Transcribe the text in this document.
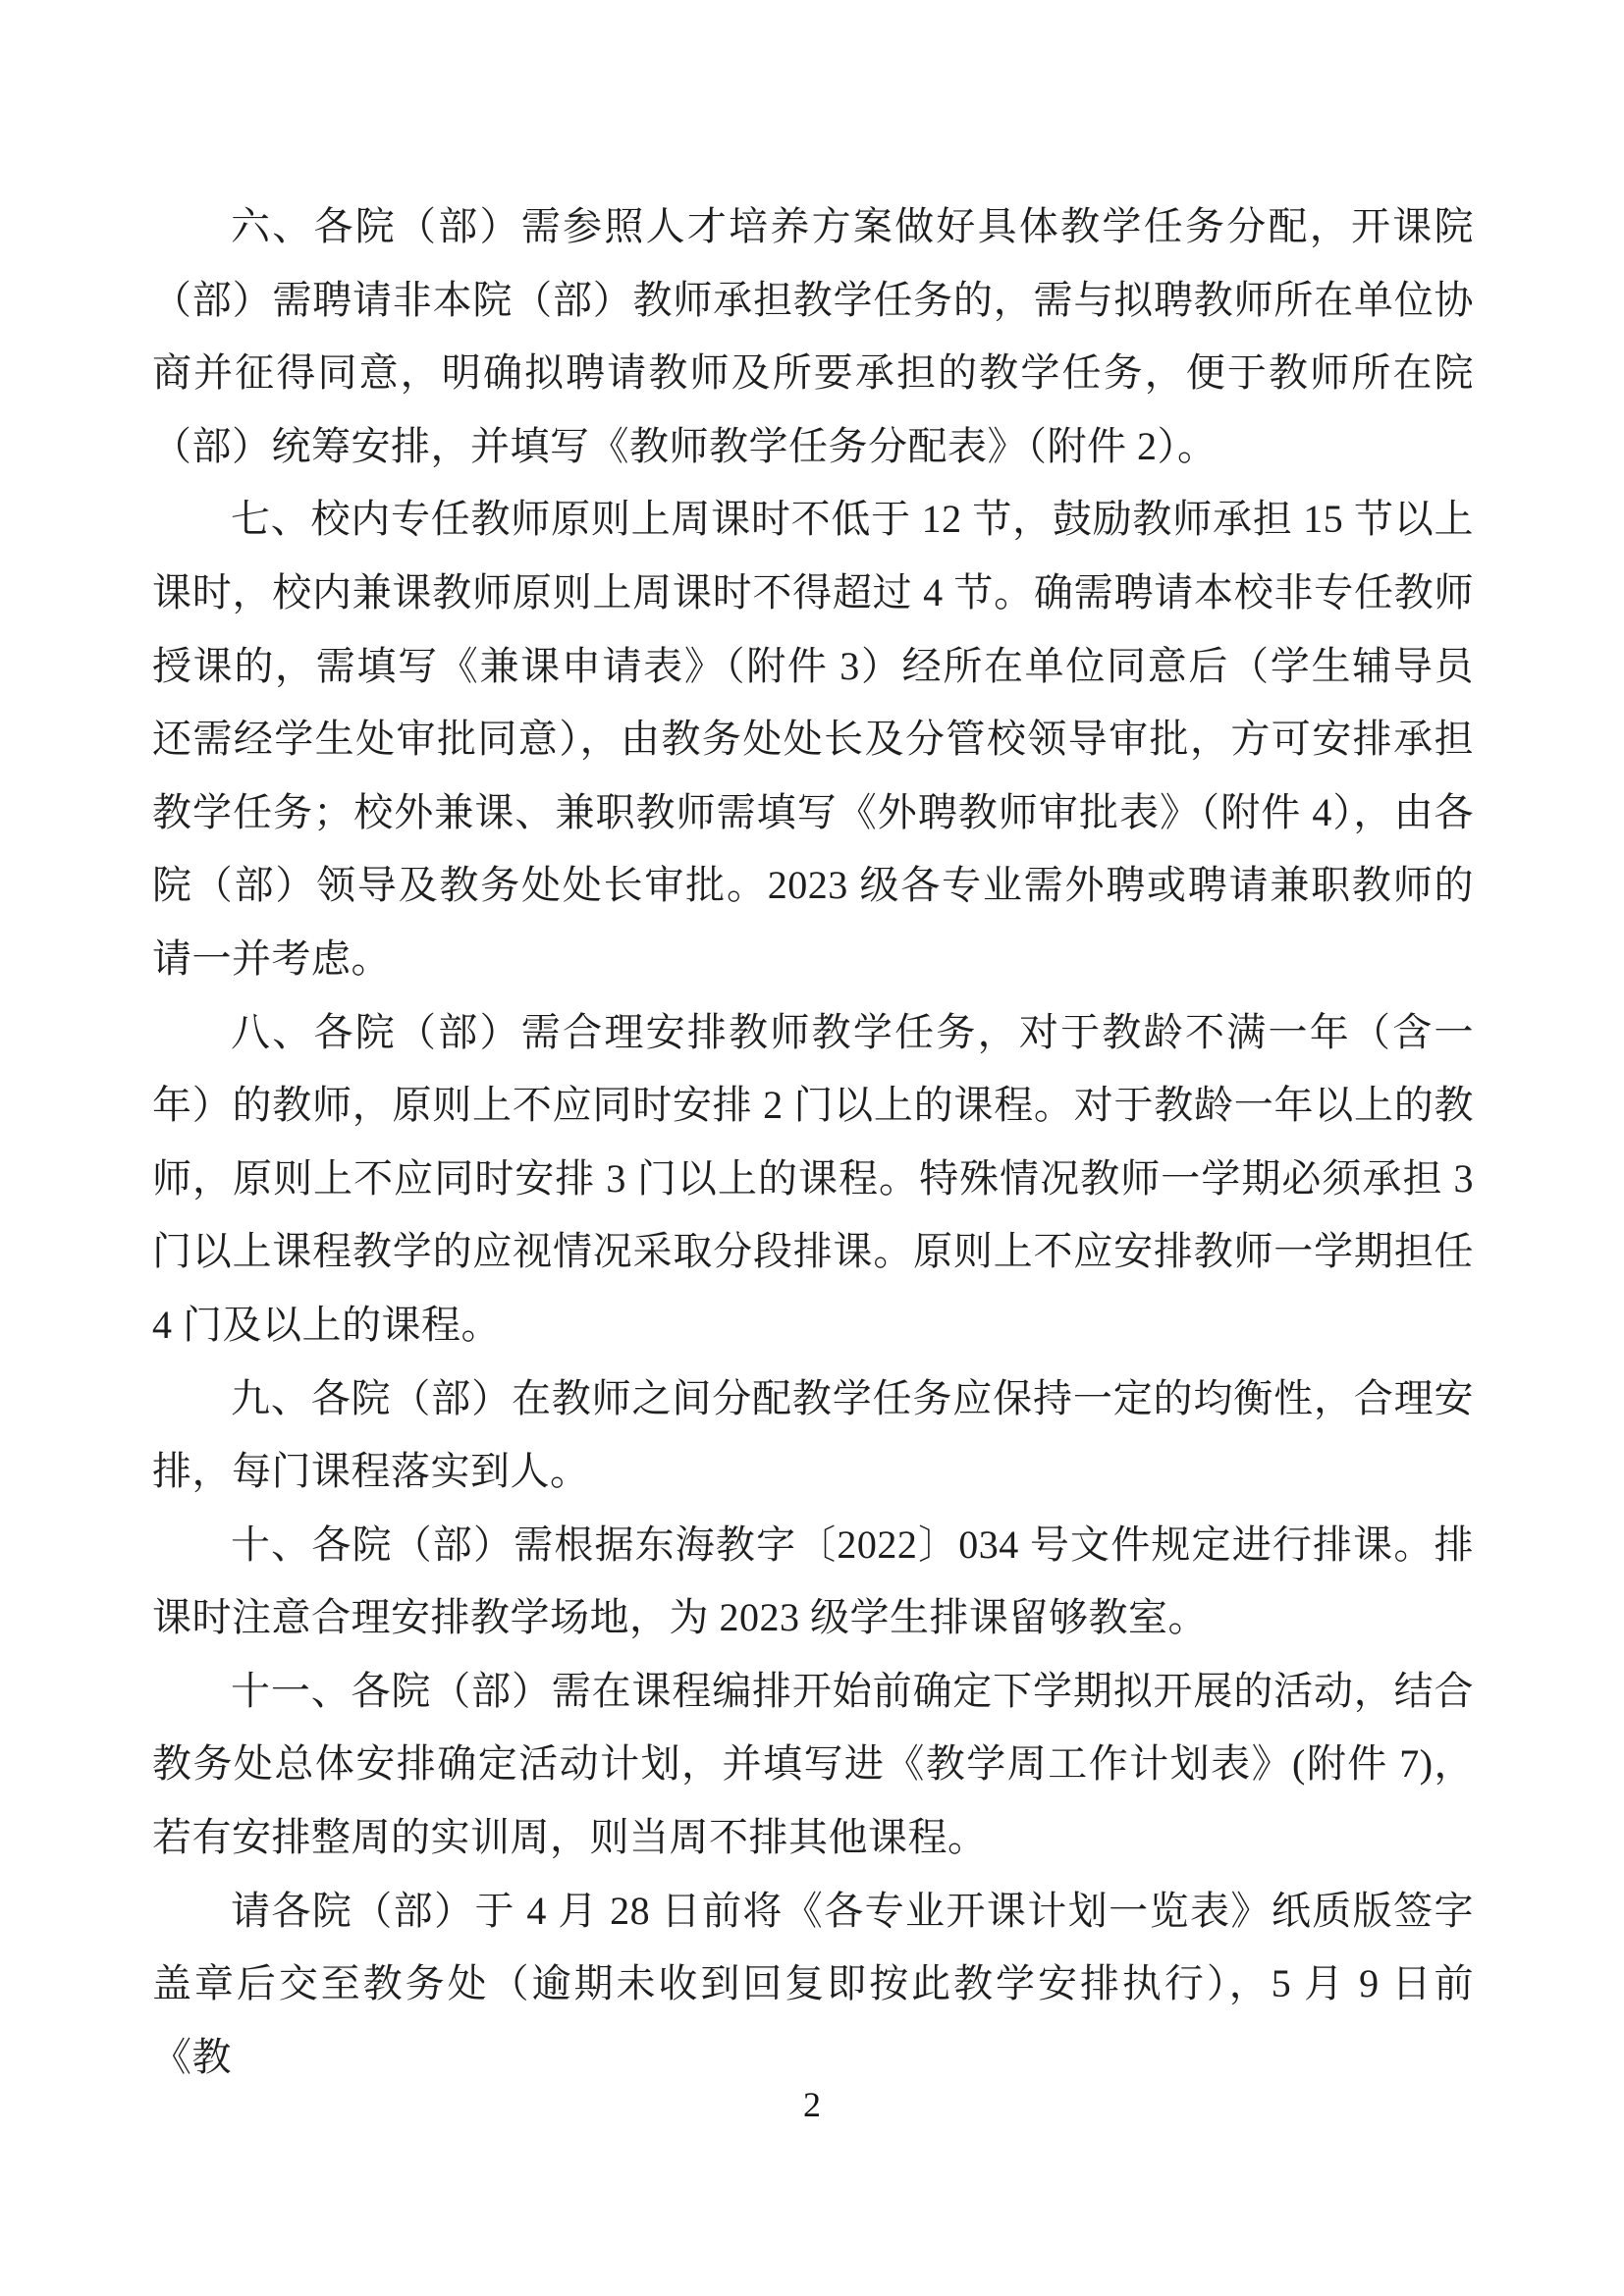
六、各院（部）需参照人才培养方案做好具体教学任务分配，开课院（部）需聘请非本院（部）教师承担教学任务的，需与拟聘教师所在单位协商并征得同意，明确拟聘请教师及所要承担的教学任务，便于教师所在院（部）统筹安排，并填写《教师教学任务分配表》（附件 2）。

七、校内专任教师原则上周课时不低于 12 节，鼓励教师承担 15 节以上课时，校内兼课教师原则上周课时不得超过 4 节。确需聘请本校非专任教师授课的，需填写《兼课申请表》（附件 3）经所在单位同意后（学生辅导员还需经学生处审批同意），由教务处处长及分管校领导审批，方可安排承担教学任务；校外兼课、兼职教师需填写《外聘教师审批表》（附件 4），由各院（部）领导及教务处处长审批。2023 级各专业需外聘或聘请兼职教师的请一并考虑。

八、各院（部）需合理安排教师教学任务，对于教龄不满一年（含一年）的教师，原则上不应同时安排 2 门以上的课程。对于教龄一年以上的教师，原则上不应同时安排 3 门以上的课程。特殊情况教师一学期必须承担 3 门以上课程教学的应视情况采取分段排课。原则上不应安排教师一学期担任 4 门及以上的课程。

九、各院（部）在教师之间分配教学任务应保持一定的均衡性，合理安排，每门课程落实到人。

十、各院（部）需根据东海教字〔2022〕034 号文件规定进行排课。排课时注意合理安排教学场地，为 2023 级学生排课留够教室。

十一、各院（部）需在课程编排开始前确定下学期拟开展的活动，结合教务处总体安排确定活动计划，并填写进《教学周工作计划表》(附件 7)，若有安排整周的实训周，则当周不排其他课程。

请各院（部）于 4 月 28 日前将《各专业开课计划一览表》纸质版签字盖章后交至教务处（逾期未收到回复即按此教学安排执行），5 月 9 日前《教

2
